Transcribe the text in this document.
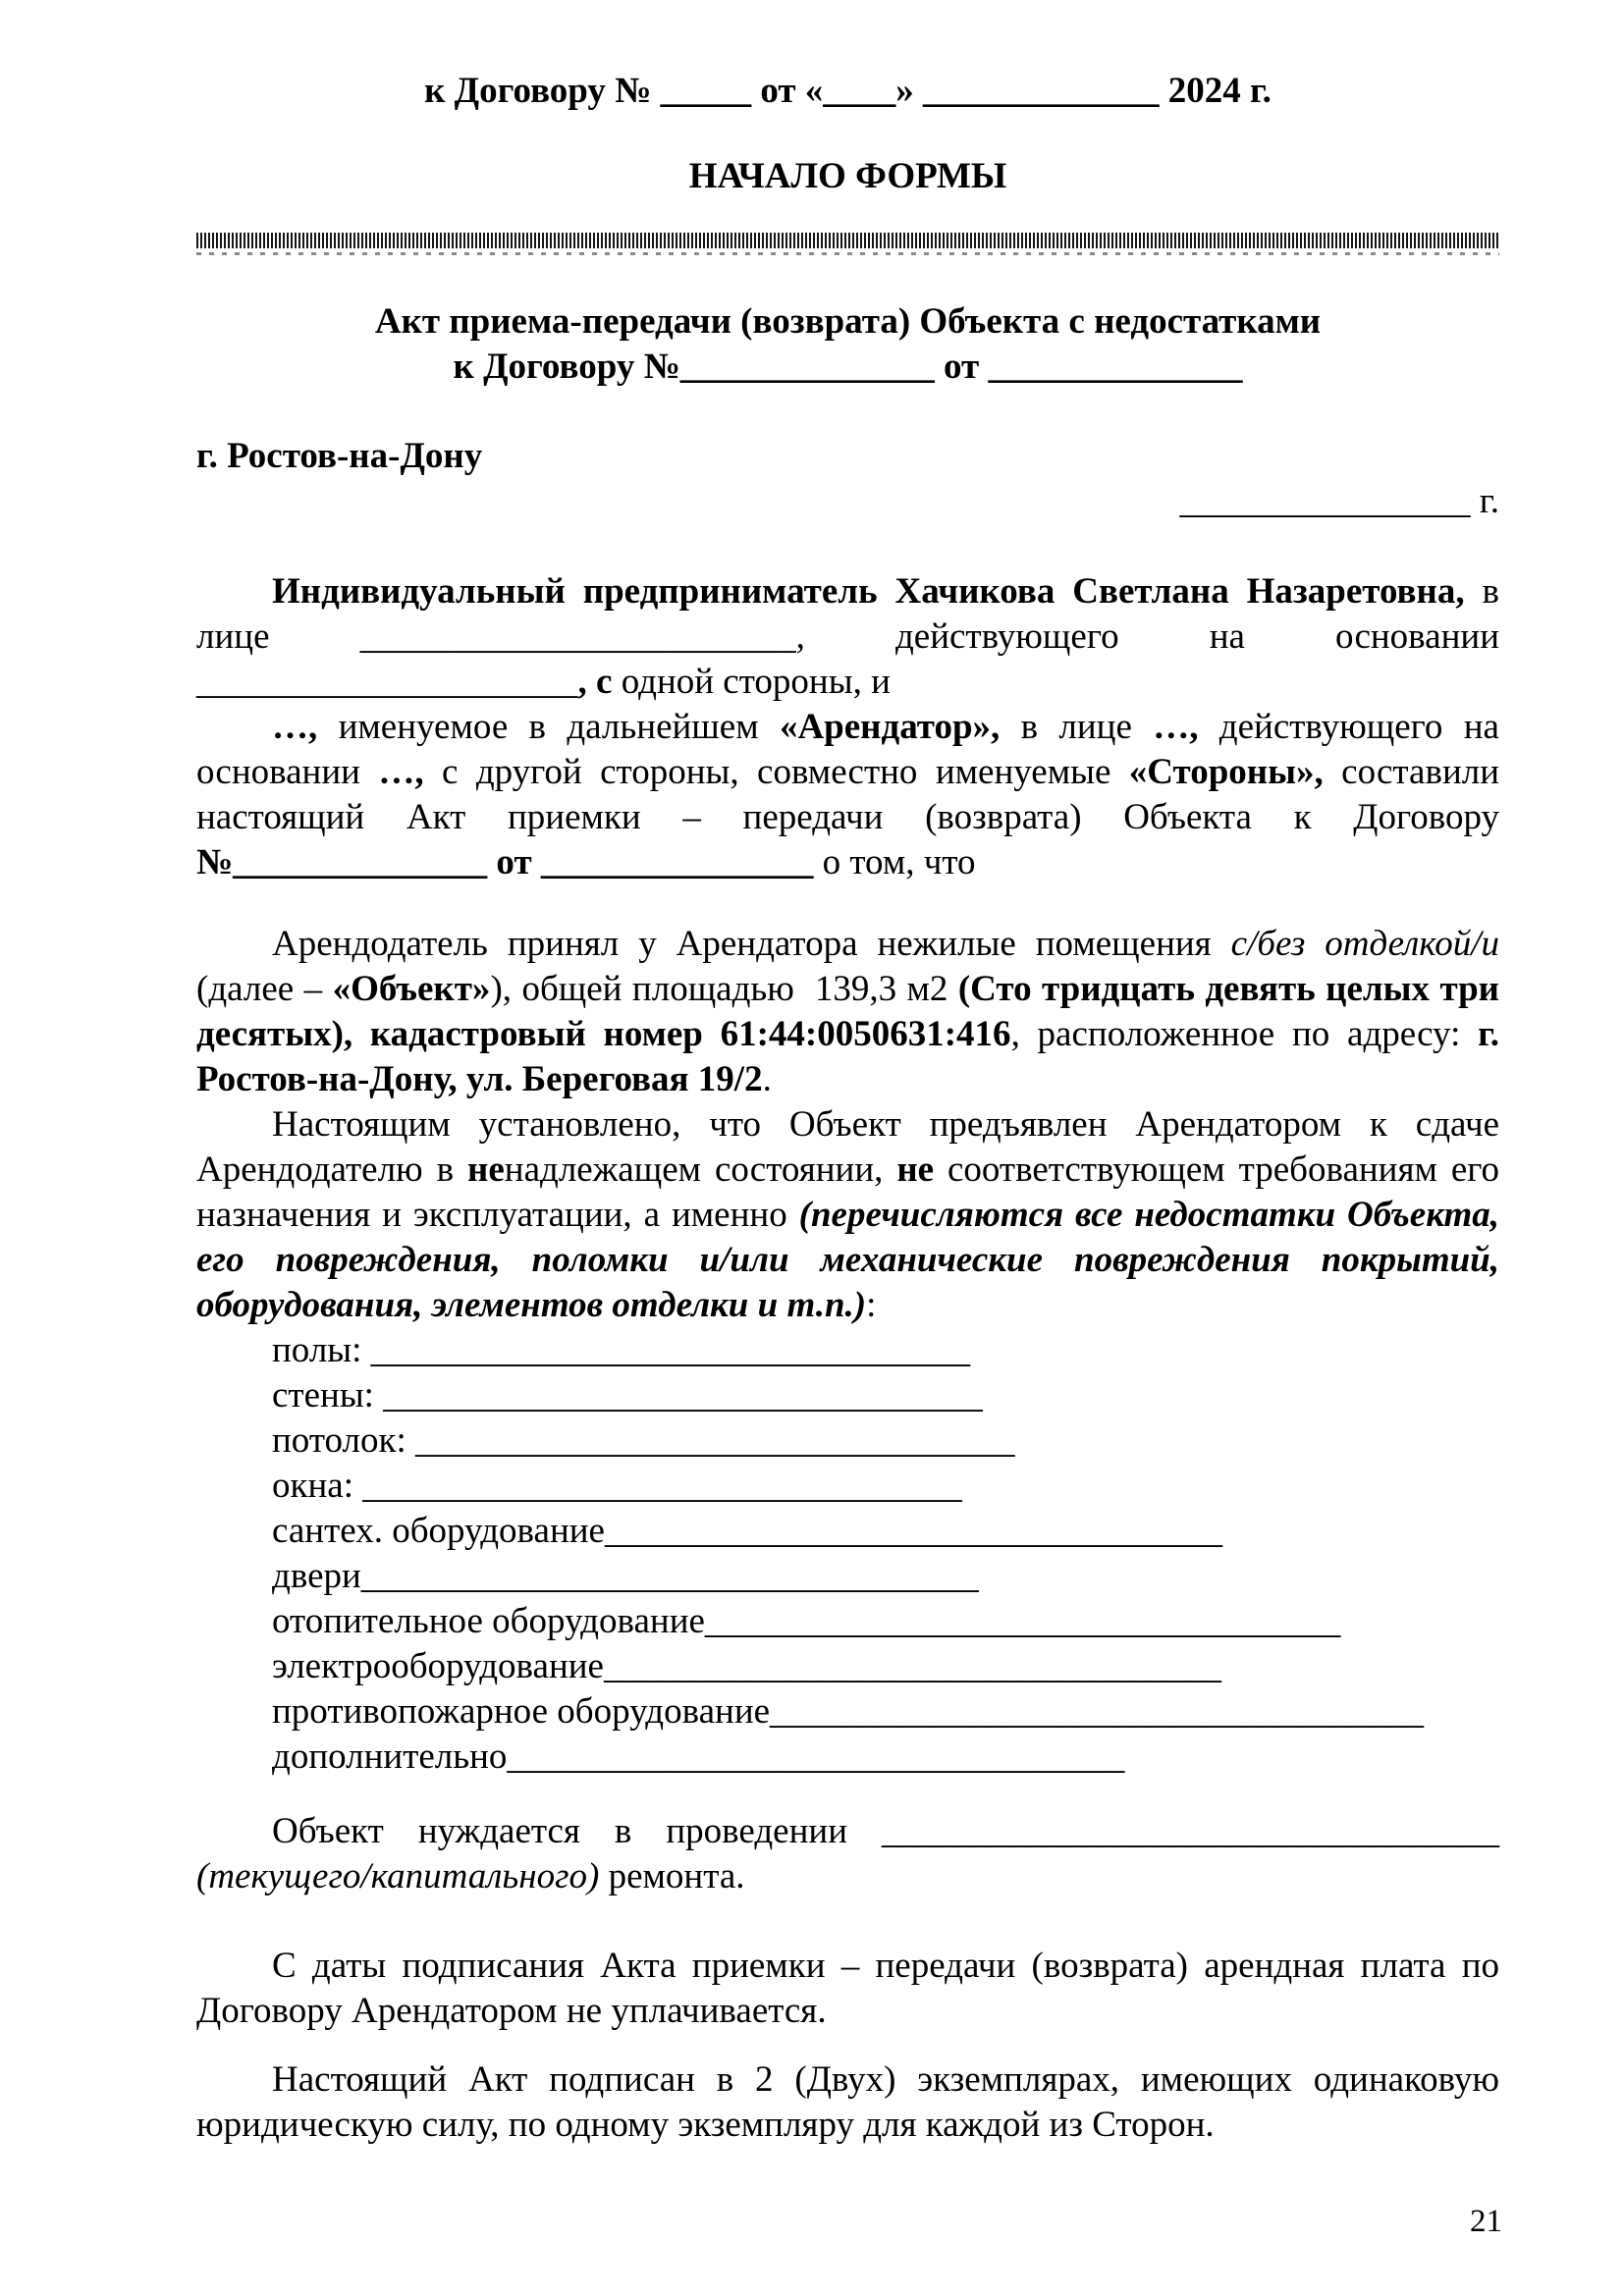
к Договору № _____ от «____» _____________ 2024 г.

НАЧАЛО ФОРМЫ

Акт приема-передачи (возврата) Объекта с недостатками

к Договору №______________ от ______________

г. Ростов-на-Дону

________________ г.

Индивидуальный предприниматель Хачикова Светлана Назаретовна, в лице ________________________, действующего на основании _____________________, с одной стороны, и

…, именуемое в дальнейшем «Арендатор», в лице …, действующего на основании …, с другой стороны, совместно именуемые «Стороны», составили настоящий Акт приемки – передачи (возврата) Объекта к Договору №______________ от _______________ о том, что

Арендодатель принял у Арендатора нежилые помещения с/без отделкой/и (далее – «Объект»), общей площадью  139,3 м2 (Сто тридцать девять целых три десятых), кадастровый номер 61:44:0050631:416, расположенное по адресу: г. Ростов-на-Дону, ул. Береговая 19/2.

Настоящим установлено, что Объект предъявлен Арендатором к сдаче Арендодателю в ненадлежащем состоянии, не соответствующем требованиям его назначения и эксплуатации, а именно (перечисляются все недостатки Объекта, его повреждения, поломки и/или механические повреждения покрытий, оборудования, элементов отделки и т.п.):

полы: _________________________________
стены: _________________________________
потолок: _________________________________
окна: _________________________________
сантех. оборудование__________________________________
двери__________________________________
отопительное оборудование___________________________________
электрооборудование__________________________________
противопожарное оборудование____________________________________
дополнительно__________________________________

Объект нуждается в проведении __________________________________ (текущего/капитального) ремонта.

С даты подписания Акта приемки – передачи (возврата) арендная плата по Договору Арендатором не уплачивается.

Настоящий Акт подписан в 2 (Двух) экземплярах, имеющих одинаковую юридическую силу, по одному экземпляру для каждой из Сторон.

21
